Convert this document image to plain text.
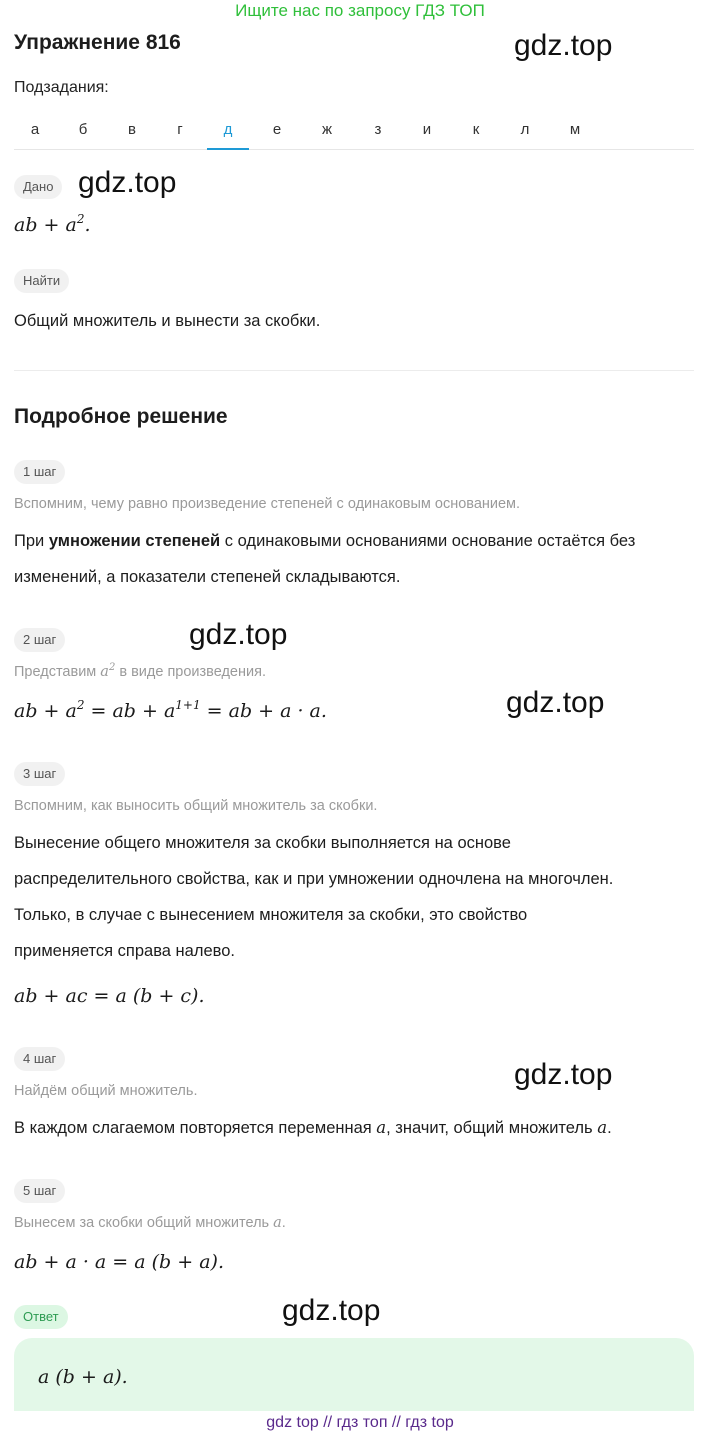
Ищите нас по запросу ГДЗ ТОП
Упражнение 816	gdz.top
Подзадания:
а	б	в	г	д	е	ж	з	и	к	л	м
Дано gdz.top
ab + $a^2$.
Найти
Общий множитель и вынести за скобки.
Подробное решение
1 шаг
Вспомним, чему равно произведение степеней с одинаковым основанием.
При умножении степеней с одинаковыми основаниями основание остаётся без изменений, а показатели степеней складываются.
2 шаг	gdz.top
Представим $a^2$ в виде произведения.
ab + $a^2$ = ab + $a^{1+1}$ = ab + a · a.	gdz.top
3 шаг
Вспомним, как выносить общий множитель за скобки.
Вынесение общего множителя за скобки выполняется на основе
распределительного свойства, как и при умножении одночлена на многочлен.
Только, в случае с вынесением множителя за скобки, это свойство
применяется справа налево.
ab + ac = a (b + c).
4 шаг	gdz.top
Найдём общий множитель.
В каждом слагаемом повторяется переменная a, значит, общий множитель a.
5 шаг
Вынесем за скобки общий множитель a.
ab + a · a = a (b + a).
Ответ	gdz.top
a (b + a).
gdz top // гдз топ // гдз top
